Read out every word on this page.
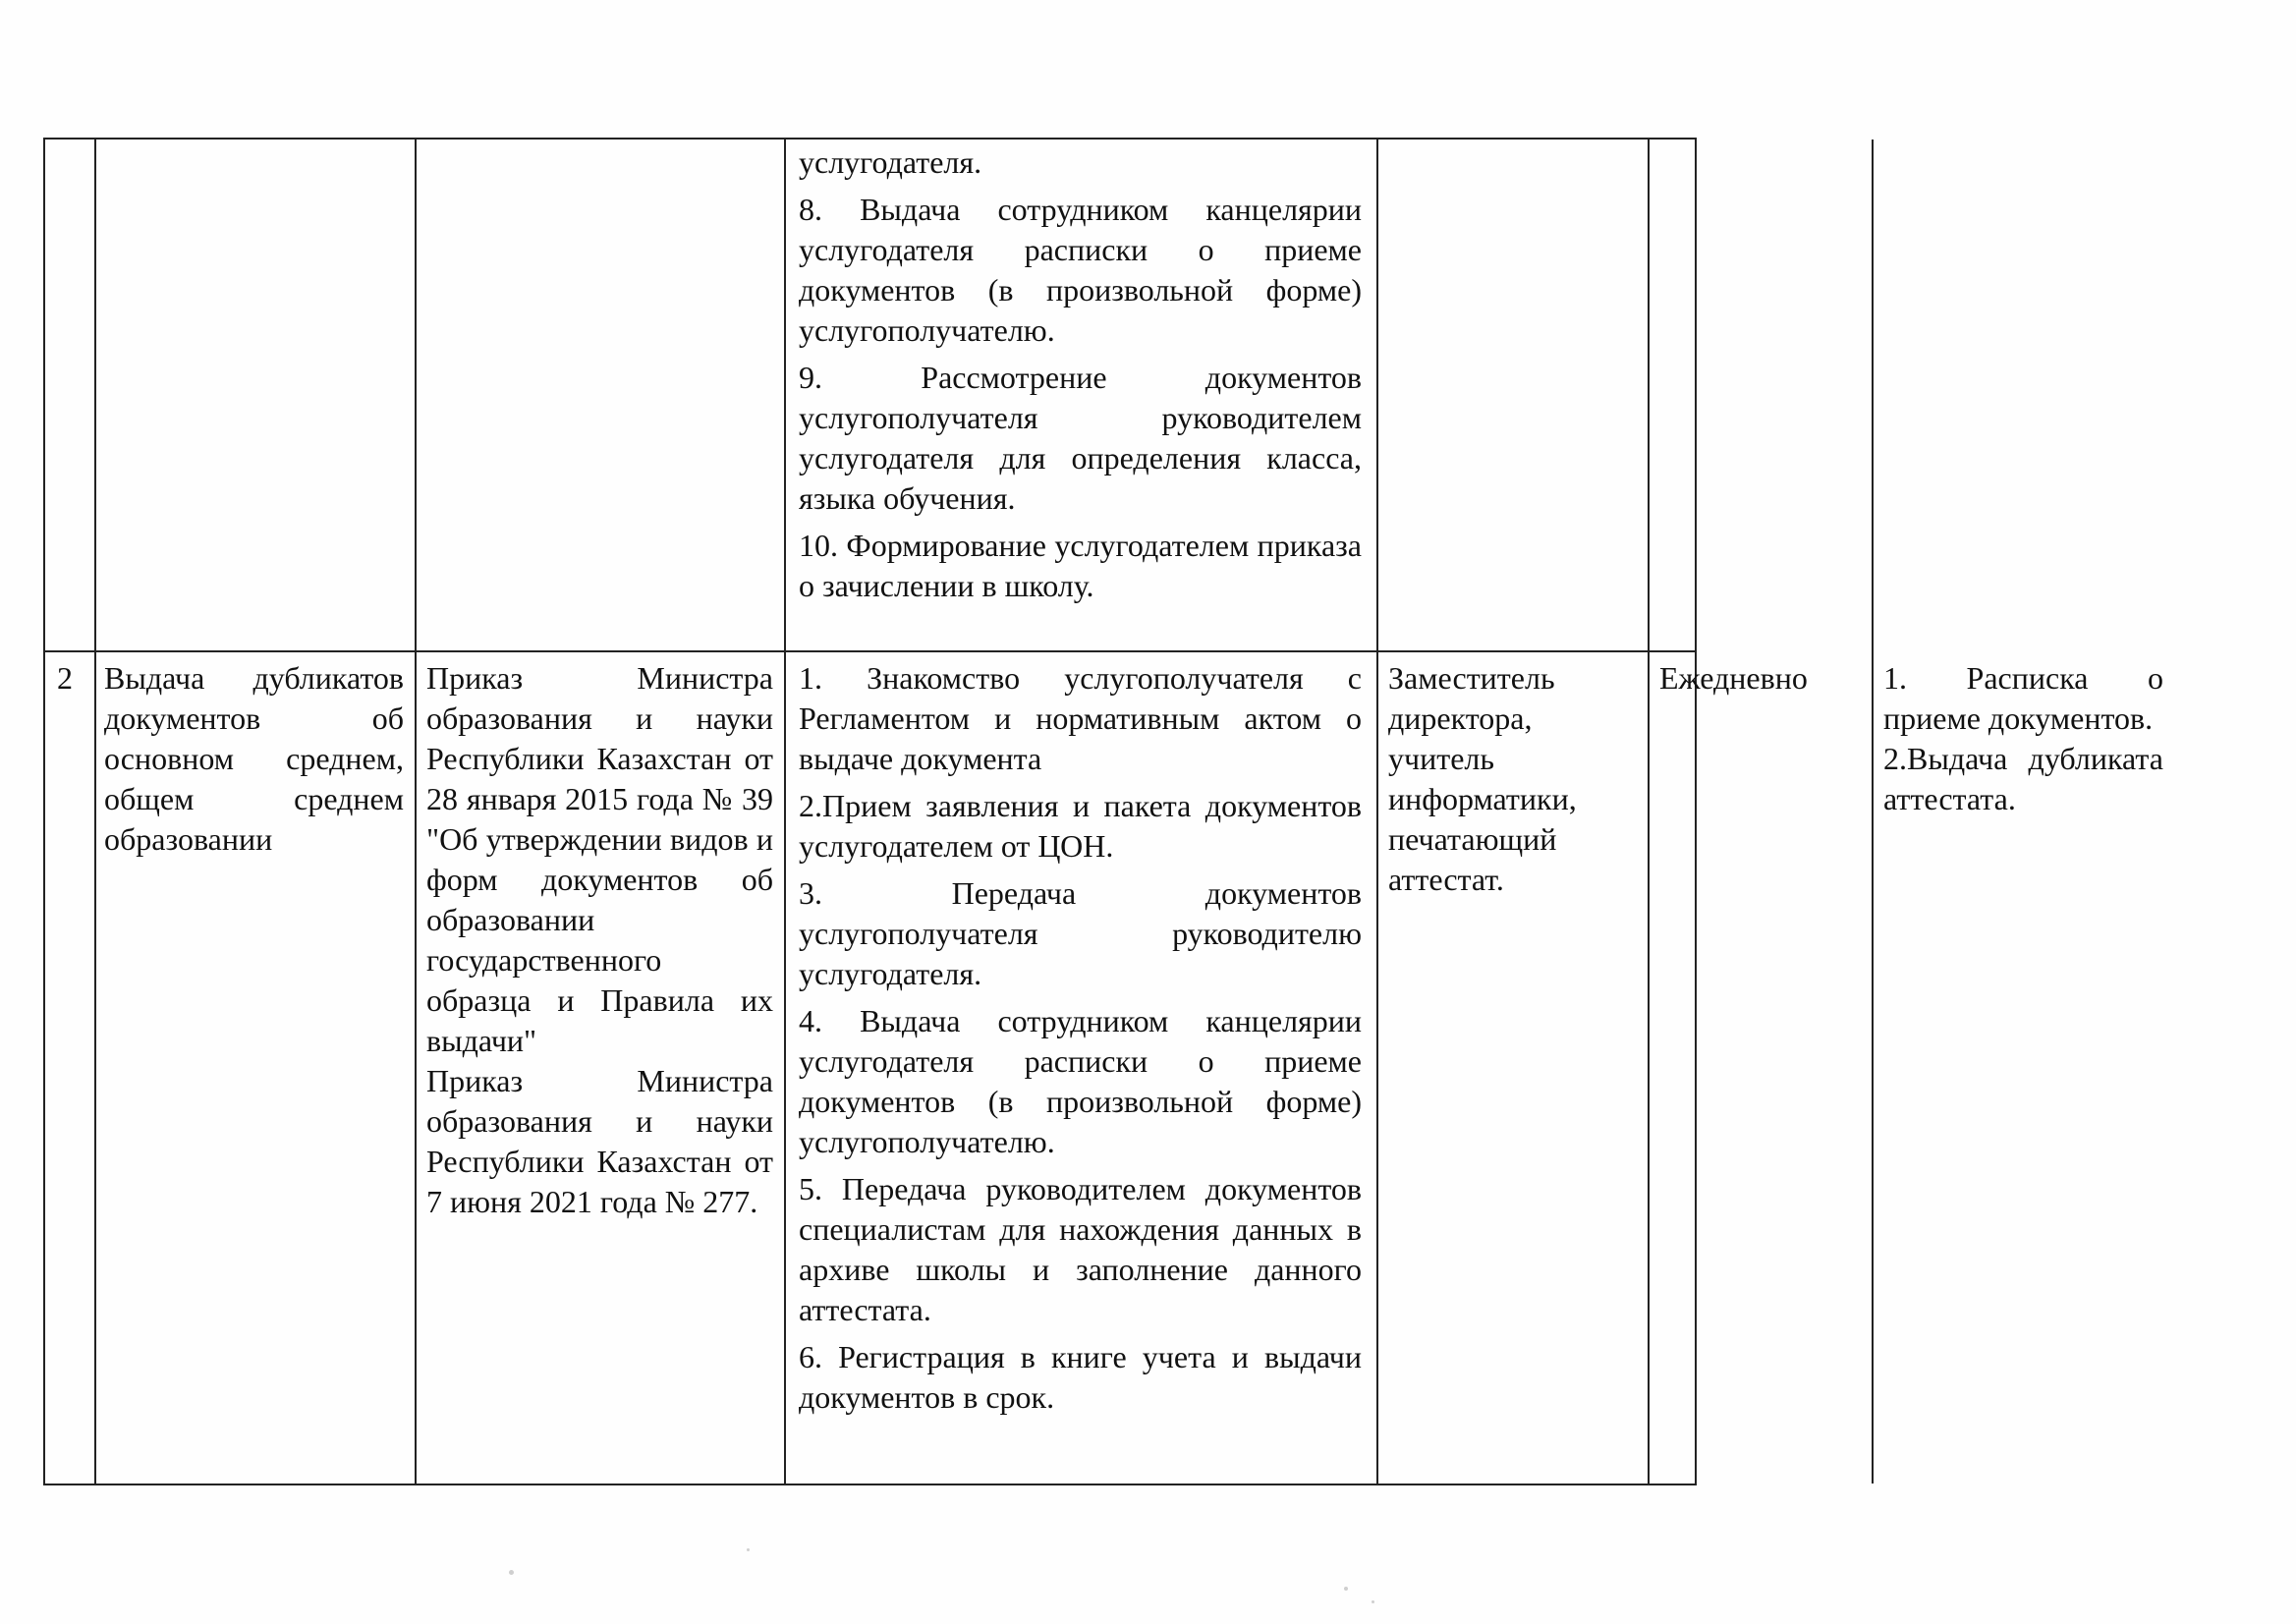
услугодателя.

8. Выдача сотрудником канцелярии услугодателя расписки о приеме документов (в произвольной форме) услугополучателю.

9. Рассмотрение документов услугополучателя руководителем услугодателя для определения класса, языка обучения.

10. Формирование услугодателем приказа о зачислении в школу.

2	Выдача дубликатов документов об основном среднем, общем среднем образовании

Приказ Министра образования и науки Республики Казахстан от 28 января 2015 года № 39 "Об утверждении видов и форм документов об образовании государственного образца и Правила их выдачи"

Приказ Министра образования и науки Республики Казахстан от 7 июня 2021 года № 277.

1. Знакомство услугополучателя с Регламентом и нормативным актом о выдаче документа

2.Прием заявления и пакета документов услугодателем от ЦОН.

3. Передача документов услугополучателя руководителю услугодателя.

4. Выдача сотрудником канцелярии услугодателя расписки о приеме документов (в произвольной форме) услугополучателю.

5. Передача руководителем документов специалистам для нахождения данных в архиве школы и заполнение данного аттестата.

6. Регистрация в книге учета и выдачи документов в срок.

Заместитель директора, учитель информатики, печатающий аттестат.
Ежедневно	1. Расписка о приеме документов.

2.Выдача дубликата аттестата.
